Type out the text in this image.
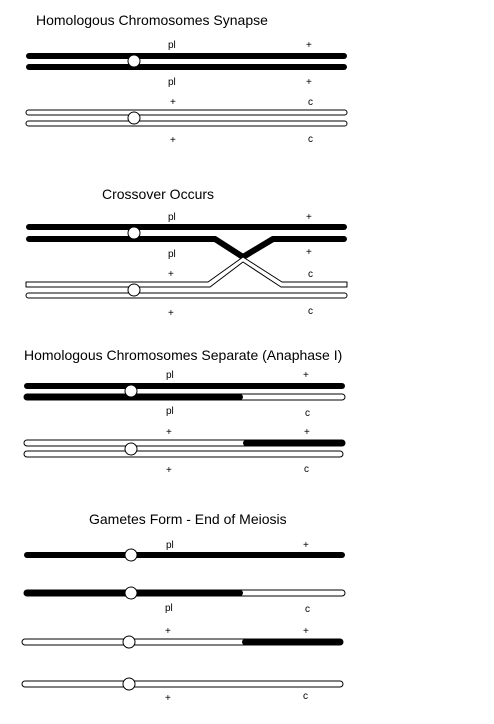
Homologous Chromosomes Synapse
pl	+
pl	+
+	c
+	c
Crossover Occurs
pl	+
pl	+
+	c
+	c
Homologous Chromosomes Separate (Anaphase I)
pl	+
pl	c
+	+
+	c
Gametes Form - End of Meiosis
pl	+
pl	c
+	+
+	c
